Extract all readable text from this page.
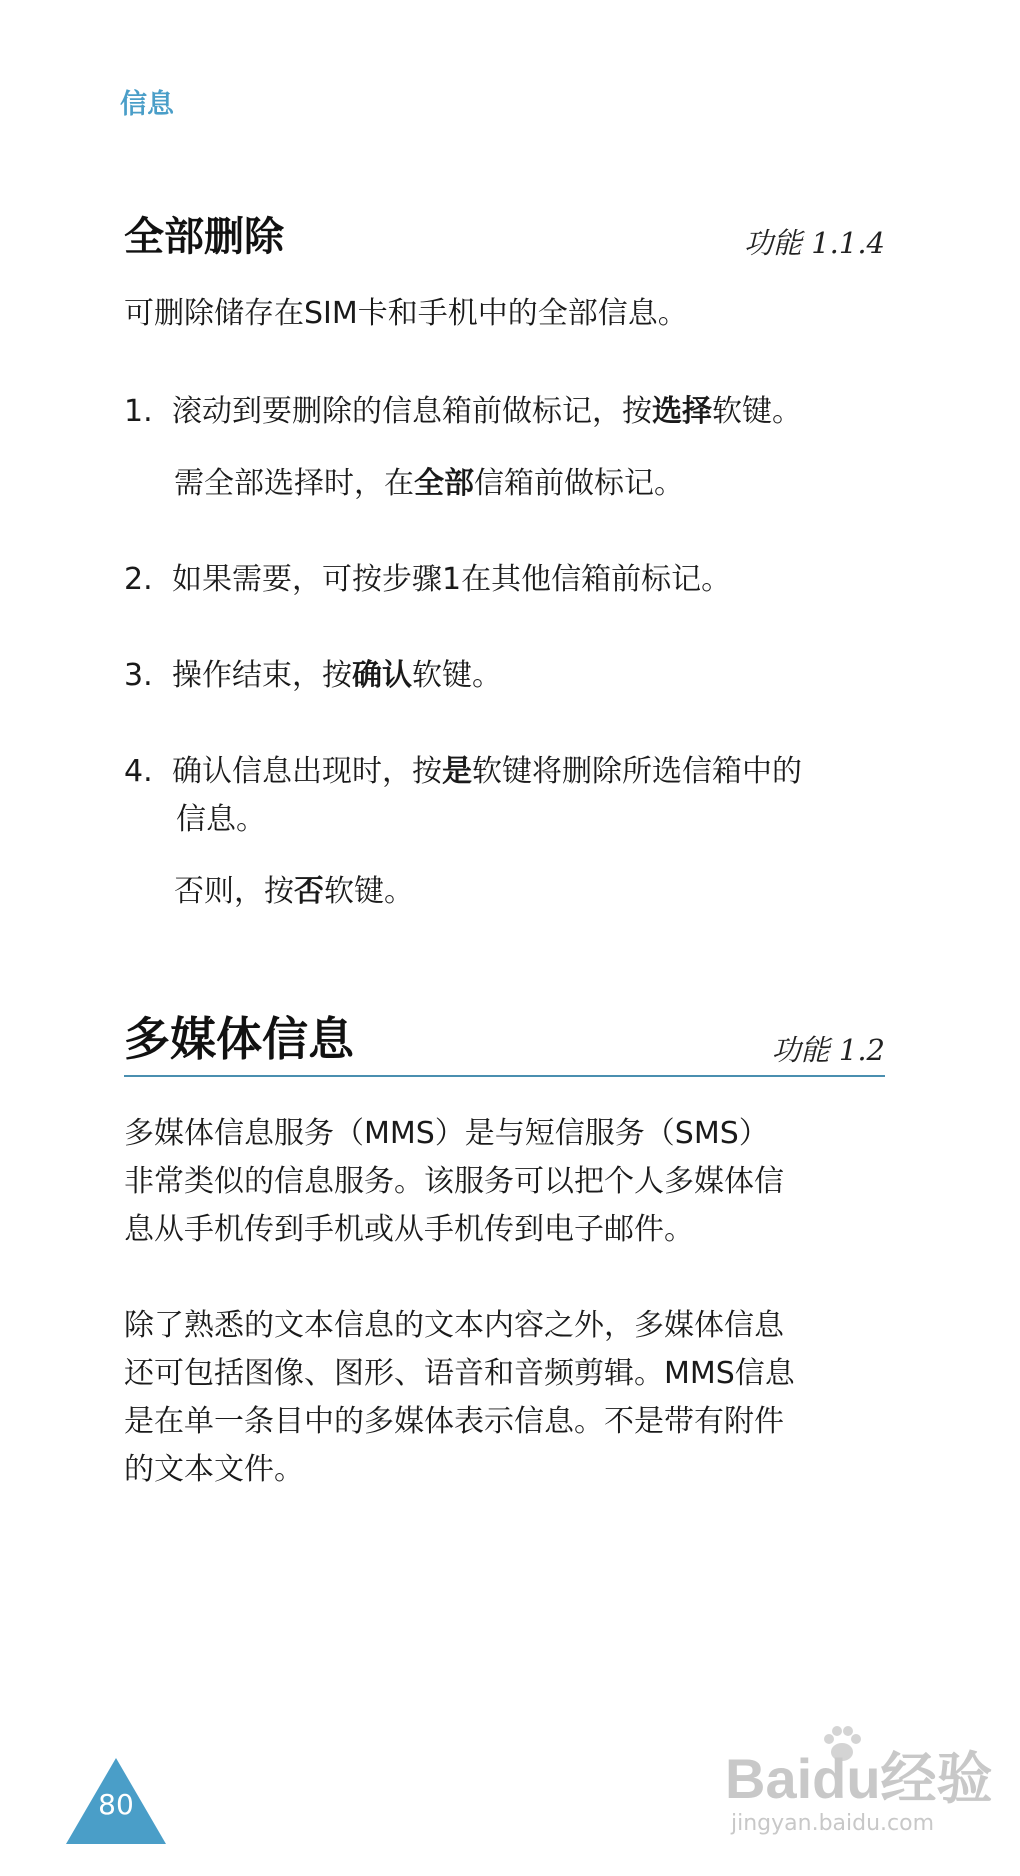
信息
全部删除	功能 1.1.4
可删除储存在SIM卡和手机中的全部信息。
1. 滚动到要删除的信息箱前做标记，按选择软键。
需全部选择时，在全部信箱前做标记。
2. 如果需要，可按步骤1在其他信箱前标记。
3. 操作结束，按确认软键。
4. 确认信息出现时，按是软键将删除所选信箱中的
信息。
否则，按否软键。
多媒体信息	功能 1.2
多媒体信息服务（MMS）是与短信服务（SMS）
非常类似的信息服务。该服务可以把个人多媒体信
息从手机传到手机或从手机传到电子邮件。
除了熟悉的文本信息的文本内容之外，多媒体信息
还可包括图像、图形、语音和音频剪辑。MMS信息
是在单一条目中的多媒体表示信息。不是带有附件
的文本文件。
80	Baidu经验
jingyan.baidu.com
